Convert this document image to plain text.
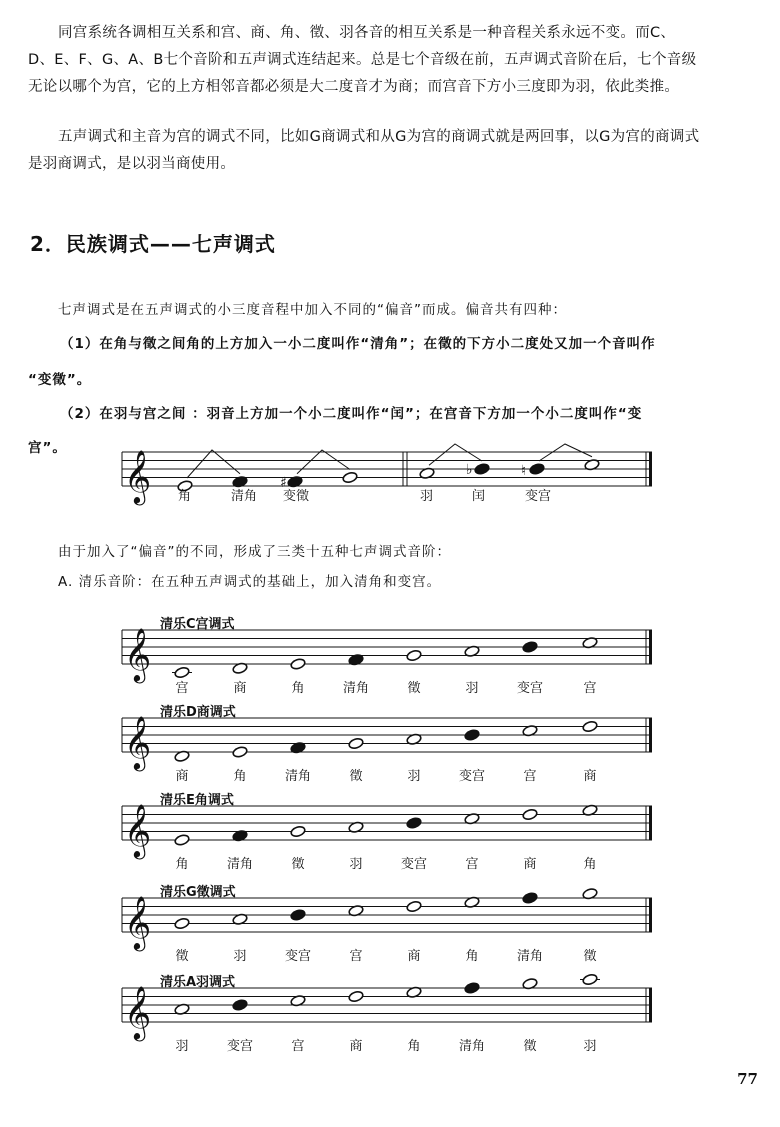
同宫系统各调相互关系和宫、商、角、徵、羽各音的相互关系是一种音程关系永远不变。而C、
D、E、F、G、A、B七个音阶和五声调式连结起来。总是七个音级在前，五声调式音阶在后，七个音级
无论以哪个为宫，它的上方相邻音都必须是大二度音才为商；而宫音下方小三度即为羽，依此类推。
五声调式和主音为宫的调式不同，比如G商调式和从G为宫的商调式就是两回事，以G为宫的商调式
是羽商调式，是以羽当商使用。
2．民族调式——七声调式
七声调式是在五声调式的小三度音程中加入不同的“偏音”而成。偏音共有四种：
（1）在角与徵之间角的上方加入一小二度叫作“清角”；在徵的下方小二度处又加一个音叫作
“变徵”。
（2）在羽与宫之间 ：羽音上方加一个小二度叫作“闰”；在宫音下方加一个小二度叫作“变
宫”。
𝄞	♯
♭	♮
角	清角 变徵	羽	闰	变宫
由于加入了“偏音”的不同，形成了三类十五种七声调式音阶：
A. 清乐音阶：在五种五声调式的基础上，加入清角和变宫。
清乐C宫调式
𝄞
宫	商	角	清角	徵	羽	变宫	宫
清乐D商调式
𝄞
商	角	清角	徵	羽	变宫	宫	商
清乐E角调式
𝄞
角	清角	徵	羽	变宫	宫	商	角
清乐G徵调式
𝄞
徵	羽	变宫	宫	商	角	清角	徵
清乐A羽调式
𝄞
羽	变宫	宫	商	角	清角	徵	羽
77
